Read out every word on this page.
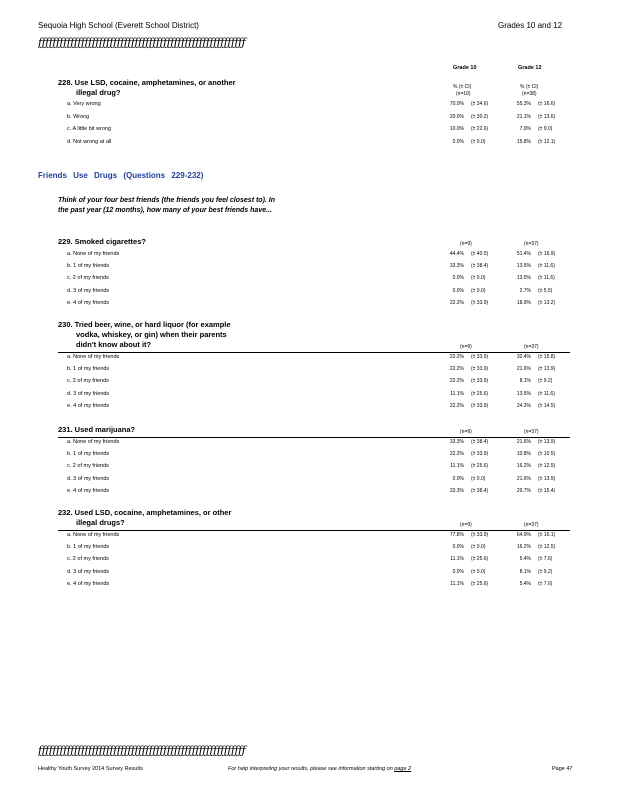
Sequoia High School (Everett School District)	Grades 10 and 12
ƒƒƒƒƒƒƒƒƒƒƒƒƒƒƒƒƒƒƒƒƒƒƒƒƒƒƒƒƒƒƒƒƒƒƒƒƒƒƒƒƒƒƒƒƒƒƒƒƒƒƒƒƒƒƒƒƒƒ
Grade 10	Grade 12
% (± CI)	% (± CI)
(n=10)	(n=38)
228. Use LSD, cocaine, amphetamines, or another
illegal drug?
a. Very wrong	70.0% (± 34.6)	55.3% (± 16.6)
b. Wrong	20.0% (± 30.2)	21.1% (± 13.6)
c. A little bit wrong	10.0% (± 22.6)	7.9% (± 9.0)
d. Not wrong at all	0.0% (± 0.0)	15.8% (± 12.1)
Friends Use Drugs (Questions 229-232)
Think of your four best friends (the friends you feel closest to). In the past year (12 months), how many of your best friends have...
229. Smoked cigarettes?	(n=9)	(n=37)
a. None of my friends	44.4% (± 40.5)	51.4% (± 16.9)
b. 1 of my friends	33.3% (± 38.4)	13.5% (± 11.6)
c. 2 of my friends	0.0% (± 0.0)	13.5% (± 11.6)
d. 3 of my friends	0.0% (± 0.0)	2.7% (± 5.5)
e. 4 of my friends	22.2% (± 33.9)	18.9% (± 13.2)
230. Tried beer, wine, or hard liquor (for example
vodka, whiskey, or gin) when their parents
didn't know about it?	(n=9)	(n=37)
a. None of my friends	22.2% (± 33.9)	32.4% (± 15.8)
b. 1 of my friends	22.2% (± 33.9)	21.6% (± 13.9)
c. 2 of my friends	22.2% (± 33.9)	8.1% (± 9.2)
d. 3 of my friends	11.1% (± 25.6)	13.5% (± 11.6)
e. 4 of my friends	22.2% (± 33.9)	24.3% (± 14.5)
231. Used marijuana?	(n=9)	(n=37)
a. None of my friends	33.3% (± 38.4)	21.6% (± 13.9)
b. 1 of my friends	22.2% (± 33.9)	10.8% (± 10.5)
c. 2 of my friends	11.1% (± 25.6)	16.2% (± 12.5)
d. 3 of my friends	0.0% (± 0.0)	21.6% (± 13.9)
e. 4 of my friends	33.3% (± 38.4)	29.7% (± 15.4)
232. Used LSD, cocaine, amphetamines, or other
illegal drugs?	(n=9)	(n=37)
a. None of my friends	77.8% (± 33.9)	64.9% (± 16.1)
b. 1 of my friends	0.0% (± 0.0)	16.2% (± 12.5)
c. 2 of my friends	11.1% (± 25.6)	5.4% (± 7.6)
d. 3 of my friends	0.0% (± 0.0)	8.1% (± 9.2)
e. 4 of my friends	11.1% (± 25.6)	5.4% (± 7.6)
ƒƒƒƒƒƒƒƒƒƒƒƒƒƒƒƒƒƒƒƒƒƒƒƒƒƒƒƒƒƒƒƒƒƒƒƒƒƒƒƒƒƒƒƒƒƒƒƒƒƒƒƒƒƒƒƒƒƒ
Healthy Youth Survey 2014 Survey Results	For help interpreting your results, please see information starting on page 2	Page 47
